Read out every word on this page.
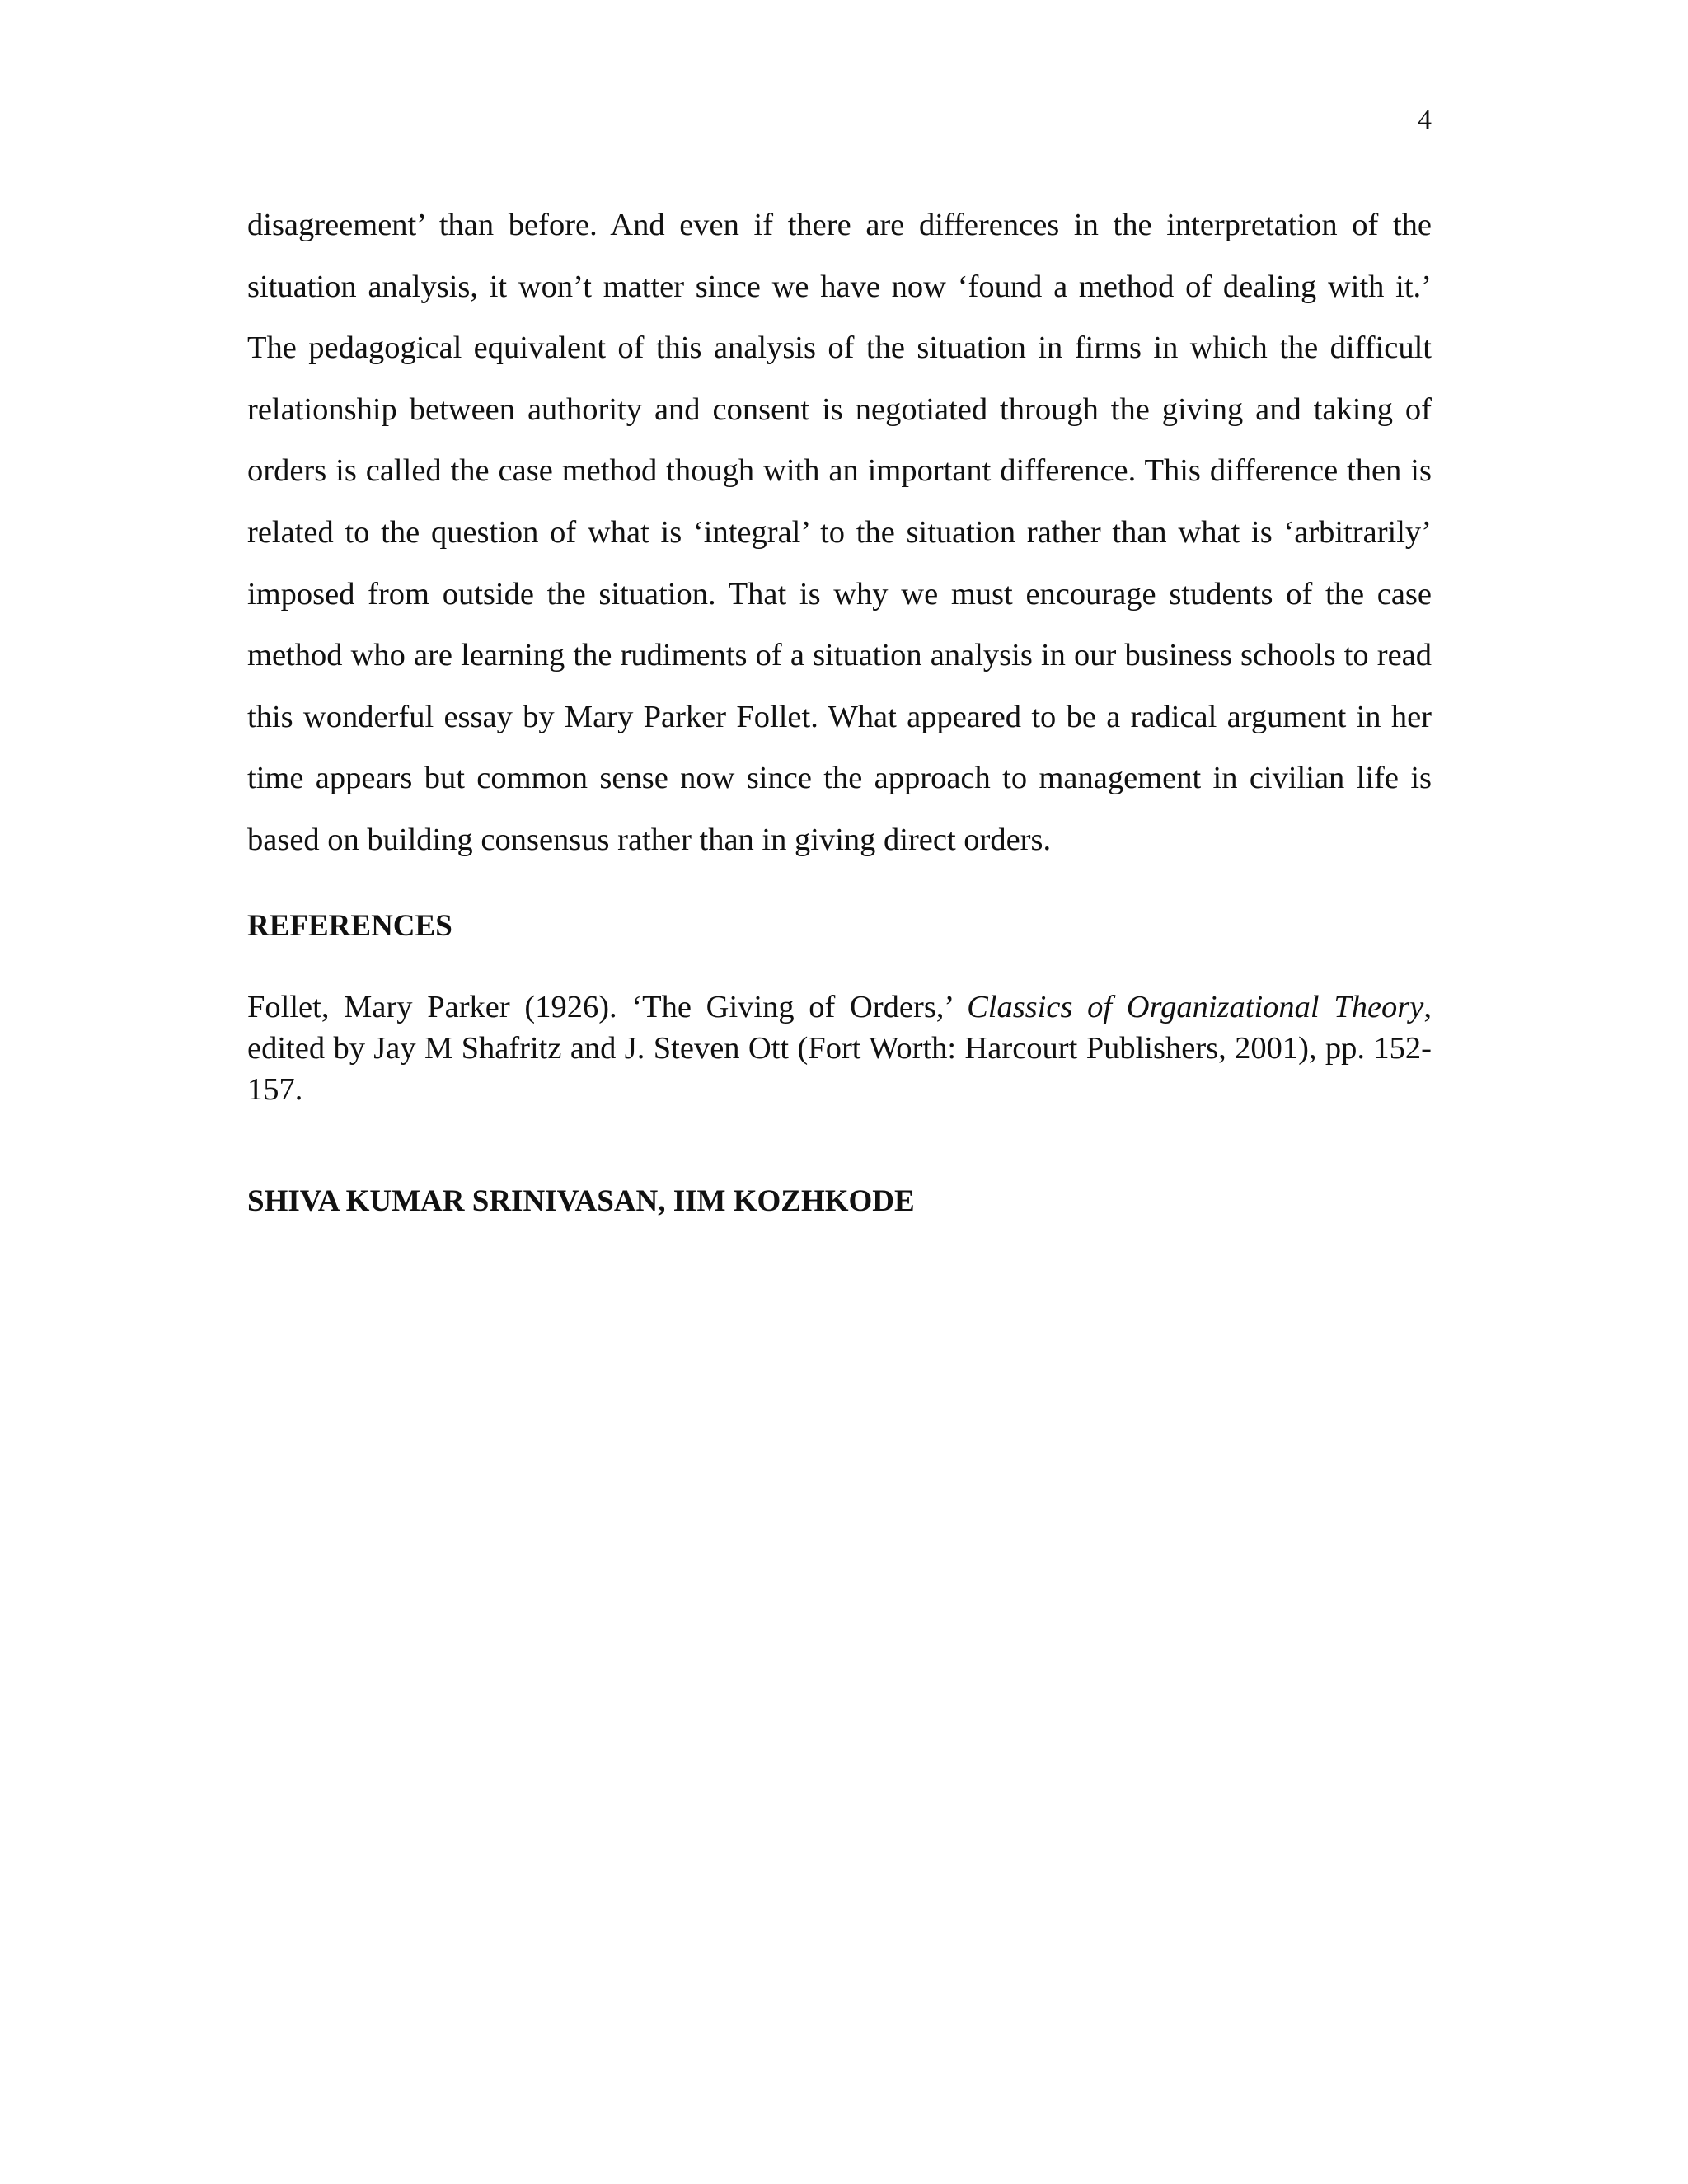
4

disagreement’ than before. And even if there are differences in the interpretation of the situation analysis, it won’t matter since we have now ‘found a method of dealing with it.’ The pedagogical equivalent of this analysis of the situation in firms in which the difficult relationship between authority and consent is negotiated through the giving and taking of orders is called the case method though with an important difference. This difference then is related to the question of what is ‘integral’ to the situation rather than what is ‘arbitrarily’ imposed from outside the situation. That is why we must encourage students of the case method who are learning the rudiments of a situation analysis in our business schools to read this wonderful essay by Mary Parker Follet. What appeared to be a radical argument in her time appears but common sense now since the approach to management in civilian life is based on building consensus rather than in giving direct orders.

REFERENCES

Follet, Mary Parker (1926). ‘The Giving of Orders,’ Classics of Organizational Theory, edited by Jay M Shafritz and J. Steven Ott (Fort Worth: Harcourt Publishers, 2001), pp. 152-157.

SHIVA KUMAR SRINIVASAN, IIM KOZHKODE
